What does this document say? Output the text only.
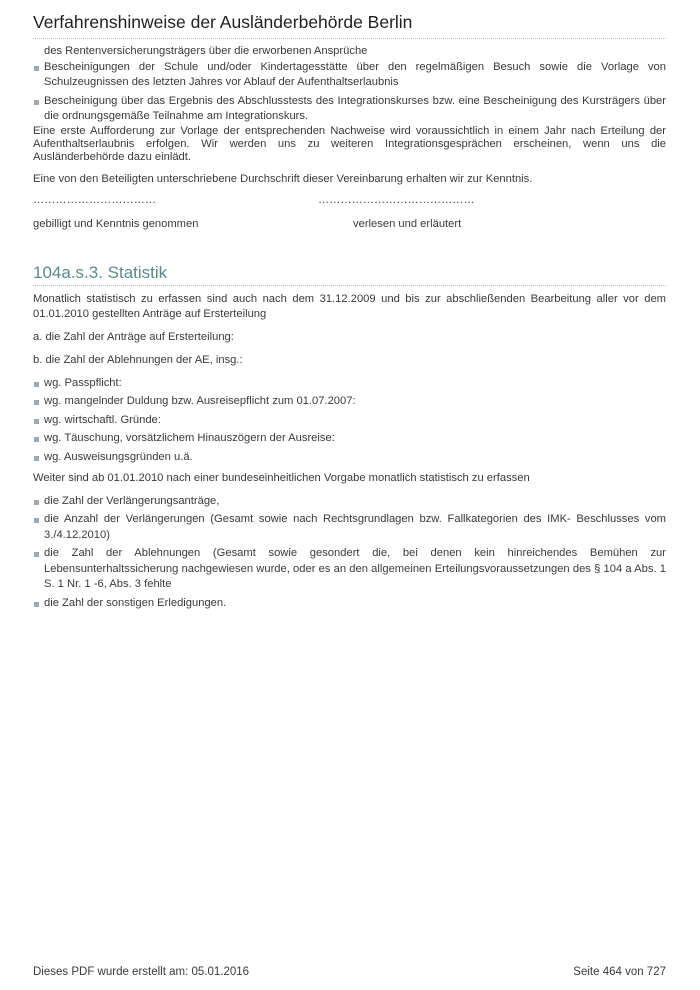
Verfahrenshinweise der Ausländerbehörde Berlin
des Rentenversicherungsträgers über die erworbenen Ansprüche
Bescheinigungen der Schule und/oder Kindertagesstätte über den regelmäßigen Besuch sowie die Vorlage von Schulzeugnissen des letzten Jahres vor Ablauf der Aufenthaltserlaubnis
Bescheinigung über das Ergebnis des Abschlusstests des Integrationskurses bzw. eine Bescheinigung des Kursträgers über die ordnungsgemäße Teilnahme am Integrationskurs.

Eine erste Aufforderung zur Vorlage der entsprechenden Nachweise wird voraussichtlich in einem Jahr nach Erteilung der Aufenthaltserlaubnis erfolgen. Wir werden uns zu weiteren Integrationsgesprächen erscheinen, wenn uns die Ausländerbehörde dazu einlädt.

Eine von den Beteiligten unterschriebene Durchschrift dieser Vereinbarung erhalten wir zur Kenntnis.

……………………………	……………………………………
gebilligt und Kenntnis genommen	verlesen und erläutert
104a.s.3. Statistik

Monatlich statistisch zu erfassen sind auch nach dem 31.12.2009 und bis zur abschließenden Bearbeitung aller vor dem 01.01.2010 gestellten Anträge auf Ersterteilung

a. die Zahl der Anträge auf Ersterteilung:
b. die Zahl der Ablehnungen der AE, insg.:
wg. Passpflicht:
wg. mangelnder Duldung bzw. Ausreisepflicht zum 01.07.2007:
wg. wirtschaftl. Gründe:
wg. Täuschung, vorsätzlichem Hinauszögern der Ausreise:
wg. Ausweisungsgründen u.ä.

Weiter sind ab 01.01.2010 nach einer bundeseinheitlichen Vorgabe monatlich statistisch zu erfassen

die Zahl der Verlängerungsanträge,
die Anzahl der Verlängerungen (Gesamt sowie nach Rechtsgrundlagen bzw. Fallkategorien des IMK- Beschlusses vom 3./4.12.2010)
die Zahl der Ablehnungen (Gesamt sowie gesondert die, bei denen kein hinreichendes Bemühen zur Lebensunterhaltssicherung nachgewiesen wurde, oder es an den allgemeinen Erteilungsvoraussetzungen des § 104 a Abs. 1 S. 1 Nr. 1 -6, Abs. 3 fehlte
die Zahl der sonstigen Erledigungen.
Dieses PDF wurde erstellt am: 05.01.2016	Seite 464 von 727
